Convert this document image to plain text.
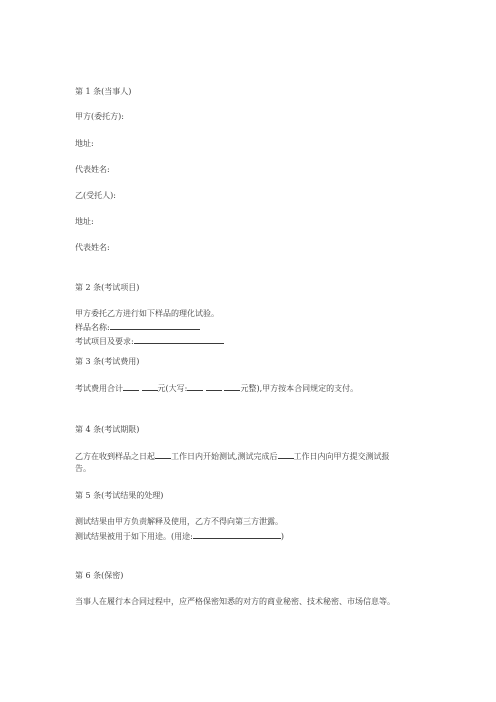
第 1 条(当事人)
甲方(委托方):
地址:
代表姓名:
乙(受托人):
地址:
代表姓名:
第 2 条(考试项目)
甲方委托乙方进行如下样品的理化试验。
样品名称:
考试项目及要求:
第 3 条(考试费用)
考试费用合计	元(大写:	元整),甲方按本合同规定的支付。
第 4 条(考试期限)
乙方在收到样品之日起 工作日内开始测试,测试完成后 工作日内向甲方提交测试报
告。
第 5 条(考试结果的处理)
测试结果由甲方负责解释及使用，乙方不得向第三方泄露。
测试结果被用于如下用途。(用途:	)
第 6 条(保密)
当事人在履行本合同过程中，应严格保密知悉的对方的商业秘密、技术秘密、市场信息等。
